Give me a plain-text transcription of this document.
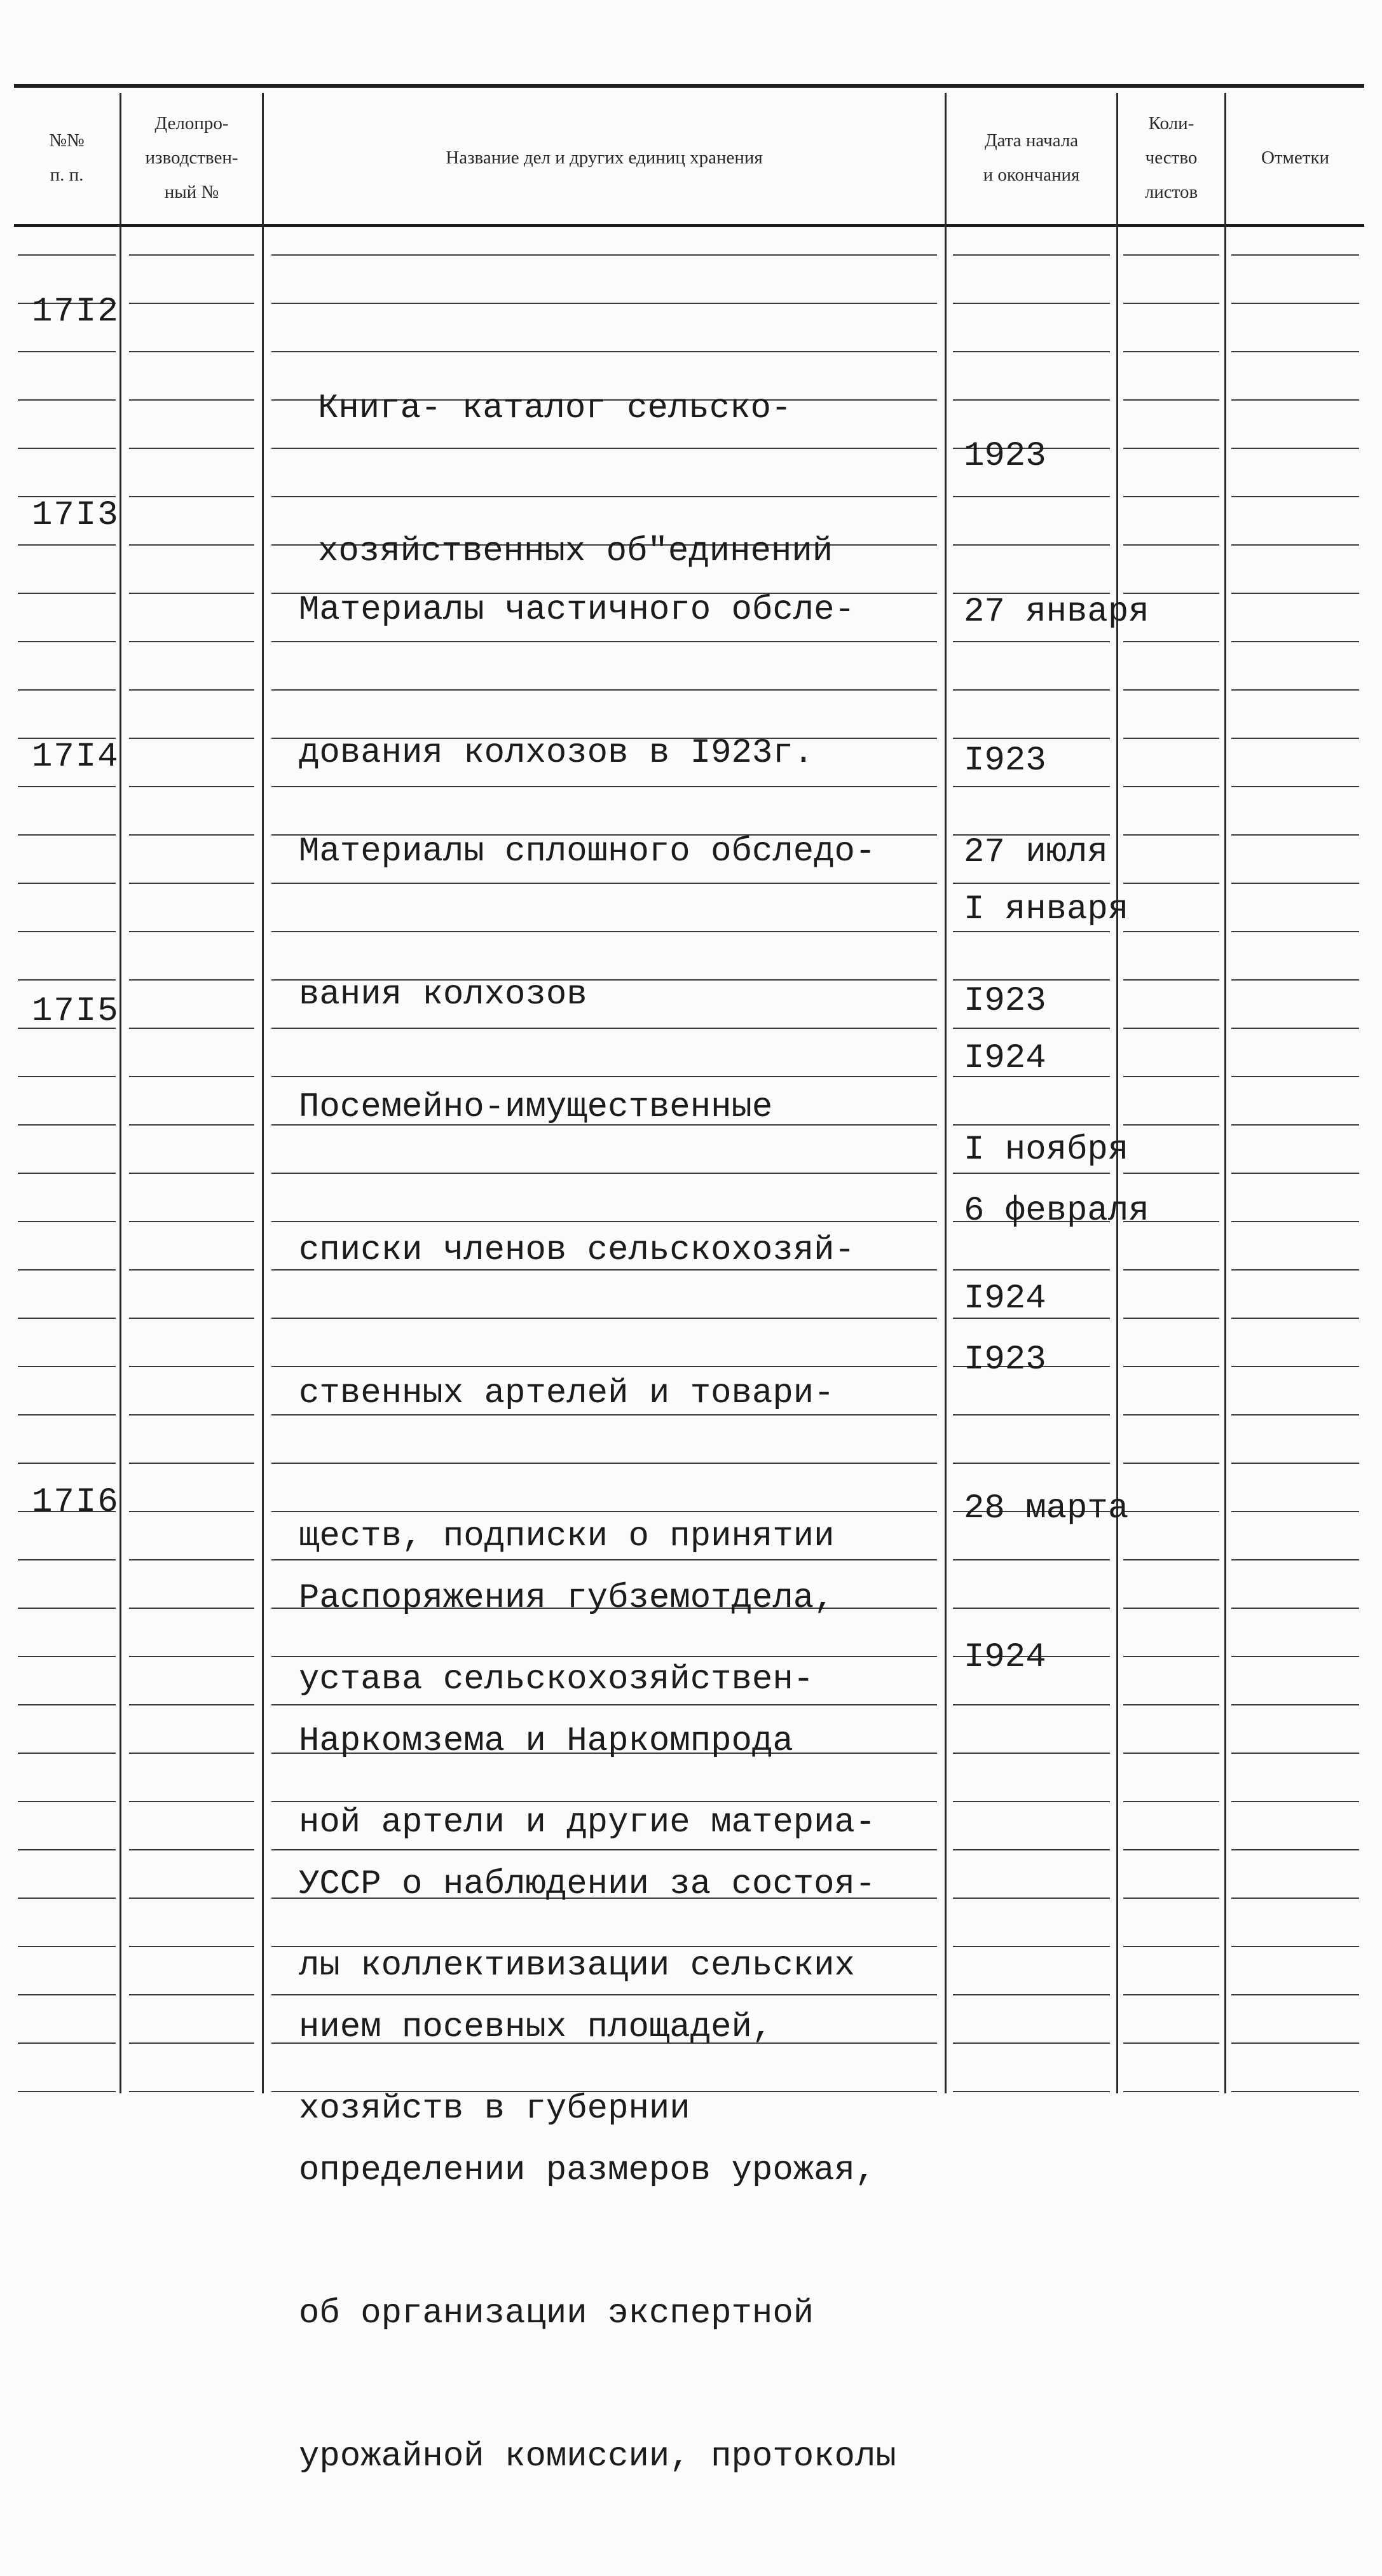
№№
п. п.
Делопро-
изводствен-
ный №
Название дел и других единиц хранения
Дата начала
и окончания
Коли-
чество
листов
Отметки
17I2

Книга- каталог сельско-

хозяйственных об"единений

1923

17I3

Материалы частичного обсле-

дования колхозов в I923г.

27 января

I923

I января

I924

17I4

Материалы сплошного обследо-

вания колхозов

27 июля

I923

I ноября

I924

17I5

Посемейно-имущественные

списки членов сельскохозяй-

ственных артелей и товари-

ществ, подписки о принятии

устава сельскохозяйствен-

ной артели и другие материа-

лы коллективизации сельских

хозяйств в губернии

6 февраля

I923

28 марта

I924

17I6

Распоряжения губземотдела,

Наркомзема и Наркомпрода

УССР о наблюдении за состоя-

нием посевных площадей,

определении размеров урожая,

об организации экспертной

урожайной комиссии, протоколы
